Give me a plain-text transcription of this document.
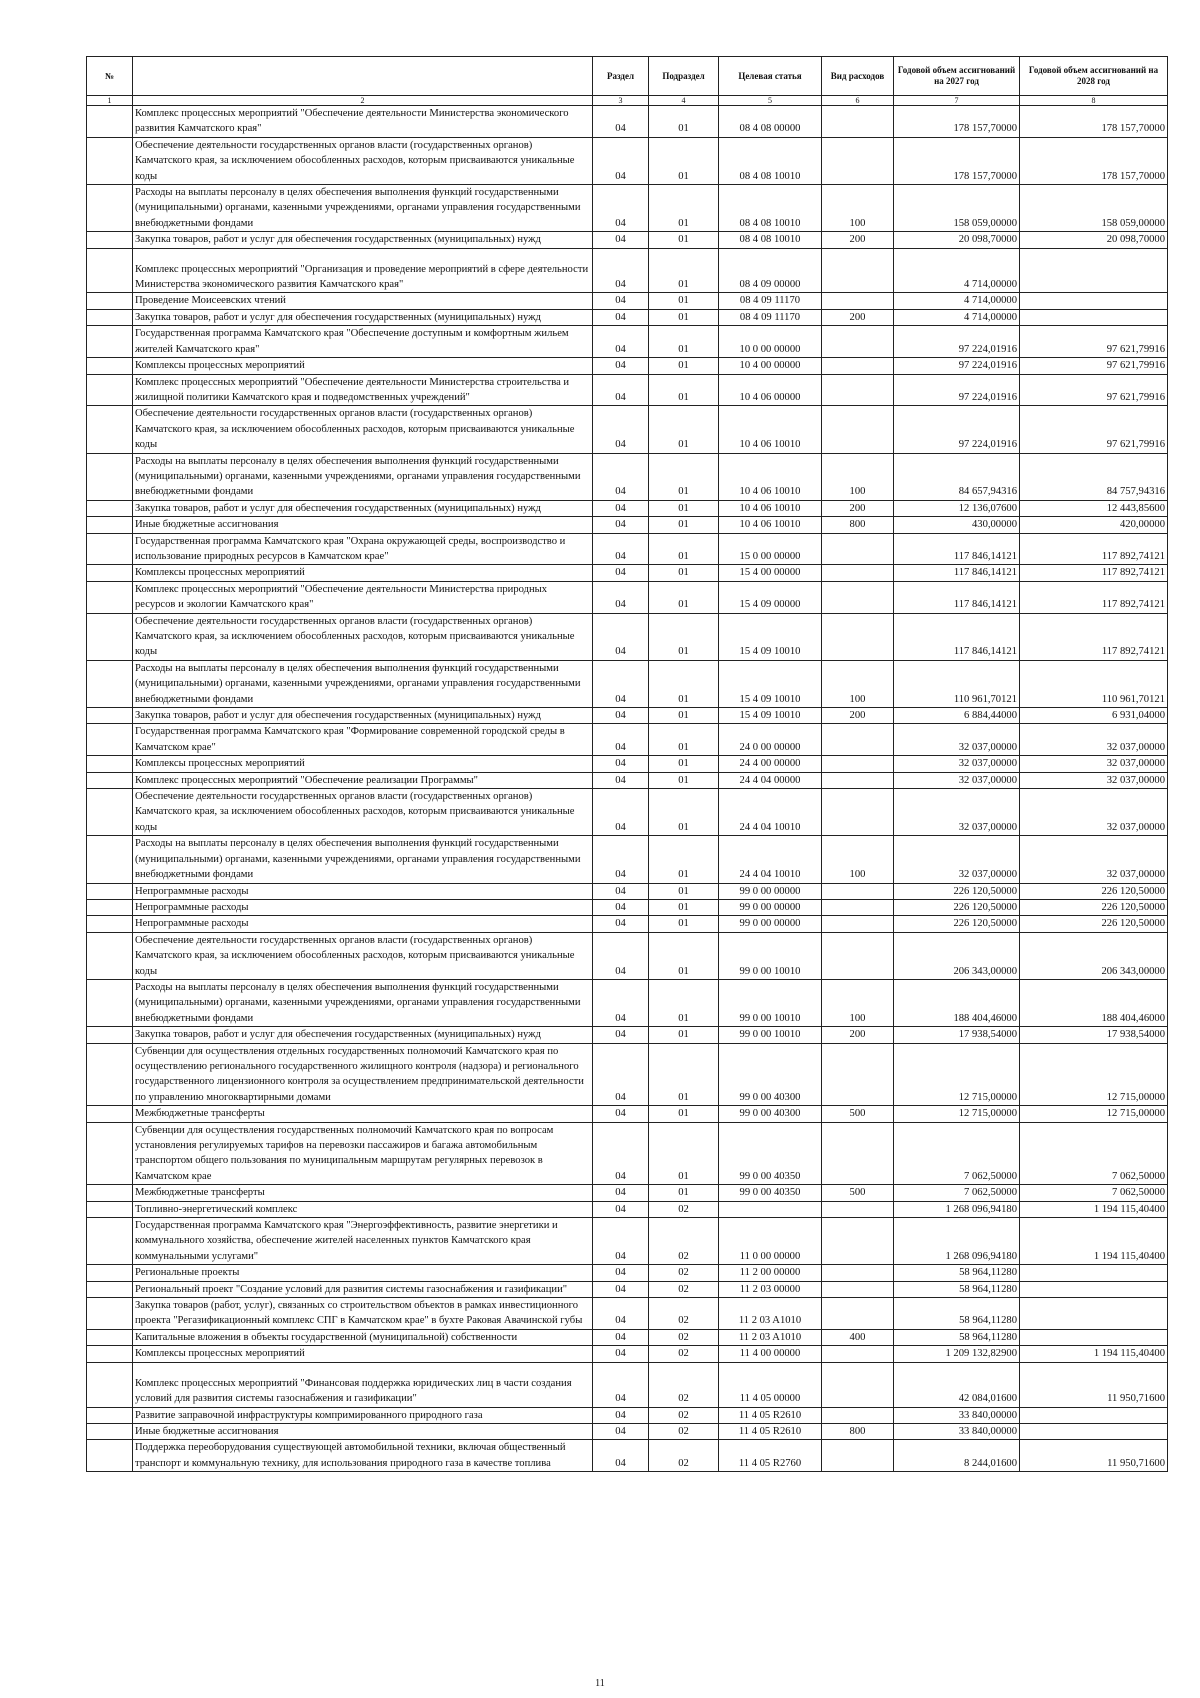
№		Раздел	Подраздел	Целевая статья	Вид расходов	Годовой объем ассигнований на 2027 год	Годовой объем ассигнований на 2028 год
1	2	3	4	5	6	7	8
	Комплекс процессных мероприятий "Обеспечение деятельности Министерства экономического развития Камчатского края"	04	01	08 4 08 00000		178 157,70000	178 157,70000
	Обеспечение деятельности государственных органов власти (государственных органов) Камчатского края, за исключением обособленных расходов, которым присваиваются уникальные коды	04	01	08 4 08 10010		178 157,70000	178 157,70000
	Расходы на выплаты персоналу в целях обеспечения выполнения функций государственными (муниципальными) органами, казенными учреждениями, органами управления государственными внебюджетными фондами	04	01	08 4 08 10010	100	158 059,00000	158 059,00000
	Закупка товаров, работ и услуг для обеспечения государственных (муниципальных) нужд	04	01	08 4 08 10010	200	20 098,70000	20 098,70000
	Комплекс процессных мероприятий "Организация и проведение мероприятий в сфере деятельности Министерства экономического развития Камчатского края"	04	01	08 4 09 00000		4 714,00000	
	Проведение Моисеевских чтений	04	01	08 4 09 11170		4 714,00000	
	Закупка товаров, работ и услуг для обеспечения государственных (муниципальных) нужд	04	01	08 4 09 11170	200	4 714,00000	
	Государственная программа Камчатского края "Обеспечение доступным и комфортным жильем жителей Камчатского края"	04	01	10 0 00 00000		97 224,01916	97 621,79916
	Комплексы процессных мероприятий	04	01	10 4 00 00000		97 224,01916	97 621,79916
	Комплекс процессных мероприятий "Обеспечение деятельности Министерства строительства и жилищной политики Камчатского края и подведомственных учреждений"	04	01	10 4 06 00000		97 224,01916	97 621,79916
	Обеспечение деятельности государственных органов власти (государственных органов) Камчатского края, за исключением обособленных расходов, которым присваиваются уникальные коды	04	01	10 4 06 10010		97 224,01916	97 621,79916
	Расходы на выплаты персоналу в целях обеспечения выполнения функций государственными (муниципальными) органами, казенными учреждениями, органами управления государственными внебюджетными фондами	04	01	10 4 06 10010	100	84 657,94316	84 757,94316
	Закупка товаров, работ и услуг для обеспечения государственных (муниципальных) нужд	04	01	10 4 06 10010	200	12 136,07600	12 443,85600
	Иные бюджетные ассигнования	04	01	10 4 06 10010	800	430,00000	420,00000
	Государственная программа Камчатского края "Охрана окружающей среды, воспроизводство и использование природных ресурсов в Камчатском крае"	04	01	15 0 00 00000		117 846,14121	117 892,74121
	Комплексы процессных мероприятий	04	01	15 4 00 00000		117 846,14121	117 892,74121
	Комплекс процессных мероприятий "Обеспечение деятельности Министерства природных ресурсов и экологии Камчатского края"	04	01	15 4 09 00000		117 846,14121	117 892,74121
	Обеспечение деятельности государственных органов власти (государственных органов) Камчатского края, за исключением обособленных расходов, которым присваиваются уникальные коды	04	01	15 4 09 10010		117 846,14121	117 892,74121
	Расходы на выплаты персоналу в целях обеспечения выполнения функций государственными (муниципальными) органами, казенными учреждениями, органами управления государственными внебюджетными фондами	04	01	15 4 09 10010	100	110 961,70121	110 961,70121
	Закупка товаров, работ и услуг для обеспечения государственных (муниципальных) нужд	04	01	15 4 09 10010	200	6 884,44000	6 931,04000
	Государственная программа Камчатского края "Формирование современной городской среды в Камчатском крае"	04	01	24 0 00 00000		32 037,00000	32 037,00000
	Комплексы процессных мероприятий	04	01	24 4 00 00000		32 037,00000	32 037,00000
	Комплекс процессных мероприятий "Обеспечение реализации Программы"	04	01	24 4 04 00000		32 037,00000	32 037,00000
	Обеспечение деятельности государственных органов власти (государственных органов) Камчатского края, за исключением обособленных расходов, которым присваиваются уникальные коды	04	01	24 4 04 10010		32 037,00000	32 037,00000
	Расходы на выплаты персоналу в целях обеспечения выполнения функций государственными (муниципальными) органами, казенными учреждениями, органами управления государственными внебюджетными фондами	04	01	24 4 04 10010	100	32 037,00000	32 037,00000
	Непрограммные расходы	04	01	99 0 00 00000		226 120,50000	226 120,50000
	Непрограммные расходы	04	01	99 0 00 00000		226 120,50000	226 120,50000
	Непрограммные расходы	04	01	99 0 00 00000		226 120,50000	226 120,50000
	Обеспечение деятельности государственных органов власти (государственных органов) Камчатского края, за исключением обособленных расходов, которым присваиваются уникальные коды	04	01	99 0 00 10010		206 343,00000	206 343,00000
	Расходы на выплаты персоналу в целях обеспечения выполнения функций государственными (муниципальными) органами, казенными учреждениями, органами управления государственными внебюджетными фондами	04	01	99 0 00 10010	100	188 404,46000	188 404,46000
	Закупка товаров, работ и услуг для обеспечения государственных (муниципальных) нужд	04	01	99 0 00 10010	200	17 938,54000	17 938,54000
	Субвенции для осуществления отдельных государственных полномочий Камчатского края по осуществлению регионального государственного жилищного контроля (надзора) и регионального государственного лицензионного контроля за осуществлением предпринимательской деятельности по управлению многоквартирными домами	04	01	99 0 00 40300		12 715,00000	12 715,00000
	Межбюджетные трансферты	04	01	99 0 00 40300	500	12 715,00000	12 715,00000
	Субвенции для осуществления государственных полномочий Камчатского края по вопросам установления регулируемых тарифов на перевозки пассажиров и багажа автомобильным транспортом общего пользования по муниципальным маршрутам регулярных перевозок в Камчатском крае	04	01	99 0 00 40350		7 062,50000	7 062,50000
	Межбюджетные трансферты	04	01	99 0 00 40350	500	7 062,50000	7 062,50000
	Топливно-энергетический комплекс	04	02			1 268 096,94180	1 194 115,40400
	Государственная программа Камчатского края "Энергоэффективность, развитие энергетики и коммунального хозяйства, обеспечение жителей населенных пунктов Камчатского края коммунальными услугами"	04	02	11 0 00 00000		1 268 096,94180	1 194 115,40400
	Региональные проекты	04	02	11 2 00 00000		58 964,11280	
	Региональный проект "Создание условий для развития системы газоснабжения и газификации"	04	02	11 2 03 00000		58 964,11280	
	Закупка товаров (работ, услуг), связанных со строительством объектов в рамках инвестиционного проекта "Регазификационный комплекс СПГ в Камчатском крае" в бухте Раковая Авачинской губы	04	02	11 2 03 A1010		58 964,11280	
	Капитальные вложения в объекты государственной (муниципальной) собственности	04	02	11 2 03 A1010	400	58 964,11280	
	Комплексы процессных мероприятий	04	02	11 4 00 00000		1 209 132,82900	1 194 115,40400
	Комплекс процессных мероприятий "Финансовая поддержка юридических лиц в части создания условий для развития системы газоснабжения и газификации"	04	02	11 4 05 00000		42 084,01600	11 950,71600
	Развитие заправочной инфраструктуры компримированного природного газа	04	02	11 4 05 R2610		33 840,00000	
	Иные бюджетные ассигнования	04	02	11 4 05 R2610	800	33 840,00000	
	Поддержка переоборудования существующей автомобильной техники, включая общественный транспорт и коммунальную технику, для использования природного газа в качестве топлива	04	02	11 4 05 R2760		8 244,01600	11 950,71600
11
